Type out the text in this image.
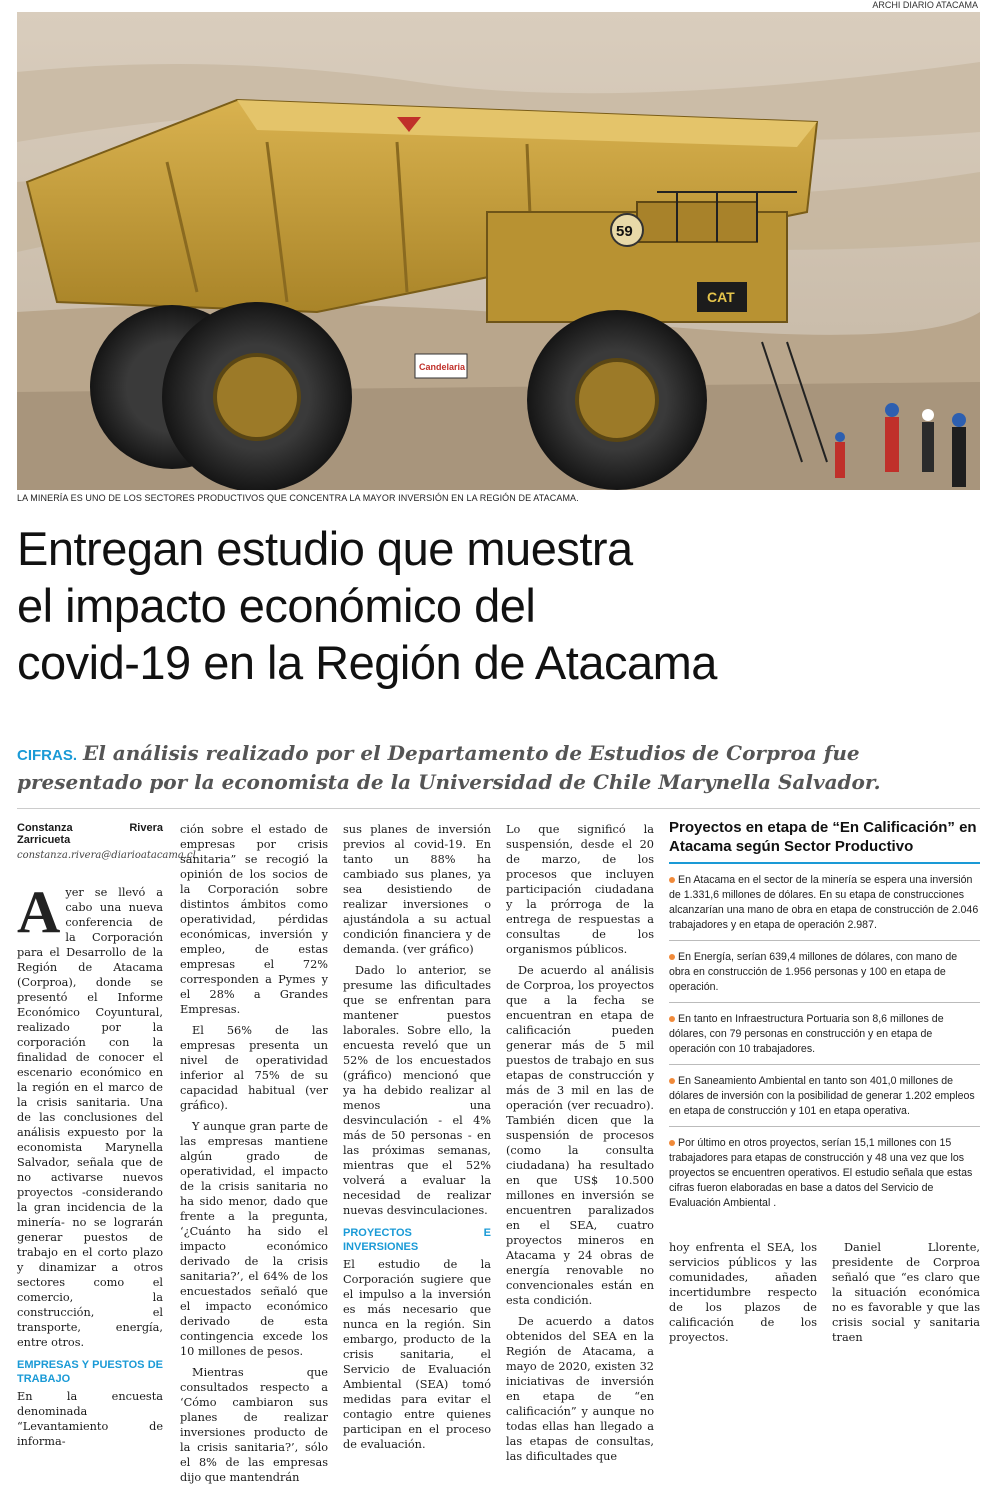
ARCHI DIARIO ATACAMA
CAT
59
Candelaria
LA MINERÍA ES UNO DE LOS SECTORES PRODUCTIVOS QUE CONCENTRA LA MAYOR INVERSIÓN EN LA REGIÓN DE ATACAMA.
Entregan estudio que muestra
el impacto económico del
covid-19 en la Región de Atacama
CIFRAS. El análisis realizado por el Departamento de Estudios de Corproa fue presentado por la economista de la Universidad de Chile Marynella Salvador.
Constanza Rivera Zarricueta
constanza.rivera@diarioatacama.cl

Ayer se llevó a cabo una nueva conferencia de la Corporación para el Desarrollo de la Región de Atacama (Corproa), donde se presentó el Informe Económico Coyuntural, realizado por la corporación con la finalidad de conocer el escenario económico en la región en el marco de la crisis sanitaria. Una de las conclusiones del análisis expuesto por la economista Marynella Salvador, señala que de no activarse nuevos proyectos -considerando la gran incidencia de la minería- no se lograrán generar puestos de trabajo en el corto plazo y dinamizar a otros sectores como el comercio, la construcción, el transporte, energía, entre otros.

EMPRESAS Y PUESTOS DE TRABAJO

En la encuesta denominada “Levantamiento de informa-

ción sobre el estado de empresas por crisis sanitaria” se recogió la opinión de los socios de la Corporación sobre distintos ámbitos como operatividad, pérdidas económicas, inversión y empleo, de estas empresas el 72% corresponden a Pymes y el 28% a Grandes Empresas.

El 56% de las empresas presenta un nivel de operatividad inferior al 75% de su capacidad habitual (ver gráfico).

Y aunque gran parte de las empresas mantiene algún grado de operatividad, el impacto de la crisis sanitaria no ha sido menor, dado que frente a la pregunta, ‘¿Cuánto ha sido el impacto económico derivado de la crisis sanitaria?’, el 64% de los encuestados señaló que el impacto económico derivado de esta contingencia excede los 10 millones de pesos.

Mientras que consultados respecto a ‘Cómo cambiaron sus planes de realizar inversiones producto de la crisis sanitaria?’, sólo el 8% de las empresas dijo que mantendrán

sus planes de inversión previos al covid-19. En tanto un 88% ha cambiado sus planes, ya sea desistiendo de realizar inversiones o ajustándola a su actual condición financiera y de demanda. (ver gráfico)

Dado lo anterior, se presume las dificultades que se enfrentan para mantener puestos laborales. Sobre ello, la encuesta reveló que un 52% de los encuestados (gráfico) mencionó que ya ha debido realizar al menos una desvinculación - el 4% más de 50 personas - en las próximas semanas, mientras que el 52% volverá a evaluar la necesidad de realizar nuevas desvinculaciones.

PROYECTOS E INVERSIONES

El estudio de la Corporación sugiere que el impulso a la inversión es más necesario que nunca en la región. Sin embargo, producto de la crisis sanitaria, el Servicio de Evaluación Ambiental (SEA) tomó medidas para evitar el contagio entre quienes participan en el proceso de evaluación.

Lo que significó la suspensión, desde el 20 de marzo, de los procesos que incluyen participación ciudadana y la prórroga de la entrega de respuestas a consultas de los organismos públicos.

De acuerdo al análisis de Corproa, los proyectos que a la fecha se encuentran en etapa de calificación pueden generar más de 5 mil puestos de trabajo en sus etapas de construcción y más de 3 mil en las de operación (ver recuadro). También dicen que la suspensión de procesos (como la consulta ciudadana) ha resultado en que US$ 10.500 millones en inversión se encuentren paralizados en el SEA, cuatro proyectos mineros en Atacama y 24 obras de energía renovable no convencionales están en esta condición.

De acuerdo a datos obtenidos del SEA en la Región de Atacama, a mayo de 2020, existen 32 iniciativas de inversión en etapa de “en calificación” y aunque no todas ellas han llegado a las etapas de consultas, las dificultades que

Proyectos en etapa de “En Calificación” en Atacama según Sector Productivo
En Atacama en el sector de la minería se espera una inversión de 1.331,6 millones de dólares. En su etapa de construcciones alcanzarían una mano de obra en etapa de construcción de 2.046 trabajadores y en etapa de operación 2.987.
En Energía, serían 639,4 millones de dólares, con mano de obra en construcción de 1.956 personas y 100 en etapa de operación.
En tanto en Infraestructura Portuaria son 8,6 millones de dólares, con 79 personas en construcción y en etapa de operación con 10 trabajadores.
En Saneamiento Ambiental en tanto son 401,0 millones de dólares de inversión con la posibilidad de generar 1.202 empleos en etapa de construcción y 101 en etapa operativa.
Por último en otros proyectos, serían 15,1 millones con 15 trabajadores para etapas de construcción y 48 una vez que los proyectos se encuentren operativos. El estudio señala que estas cifras fueron elaboradas en base a datos del Servicio de Evaluación Ambiental .

hoy enfrenta el SEA, los servicios públicos y las comunidades, añaden incertidumbre respecto de los plazos de calificación de los proyectos.

Daniel Llorente, presidente de Corproa señaló que “es claro que la situación económica no es favorable y que las crisis social y sanitaria traen
